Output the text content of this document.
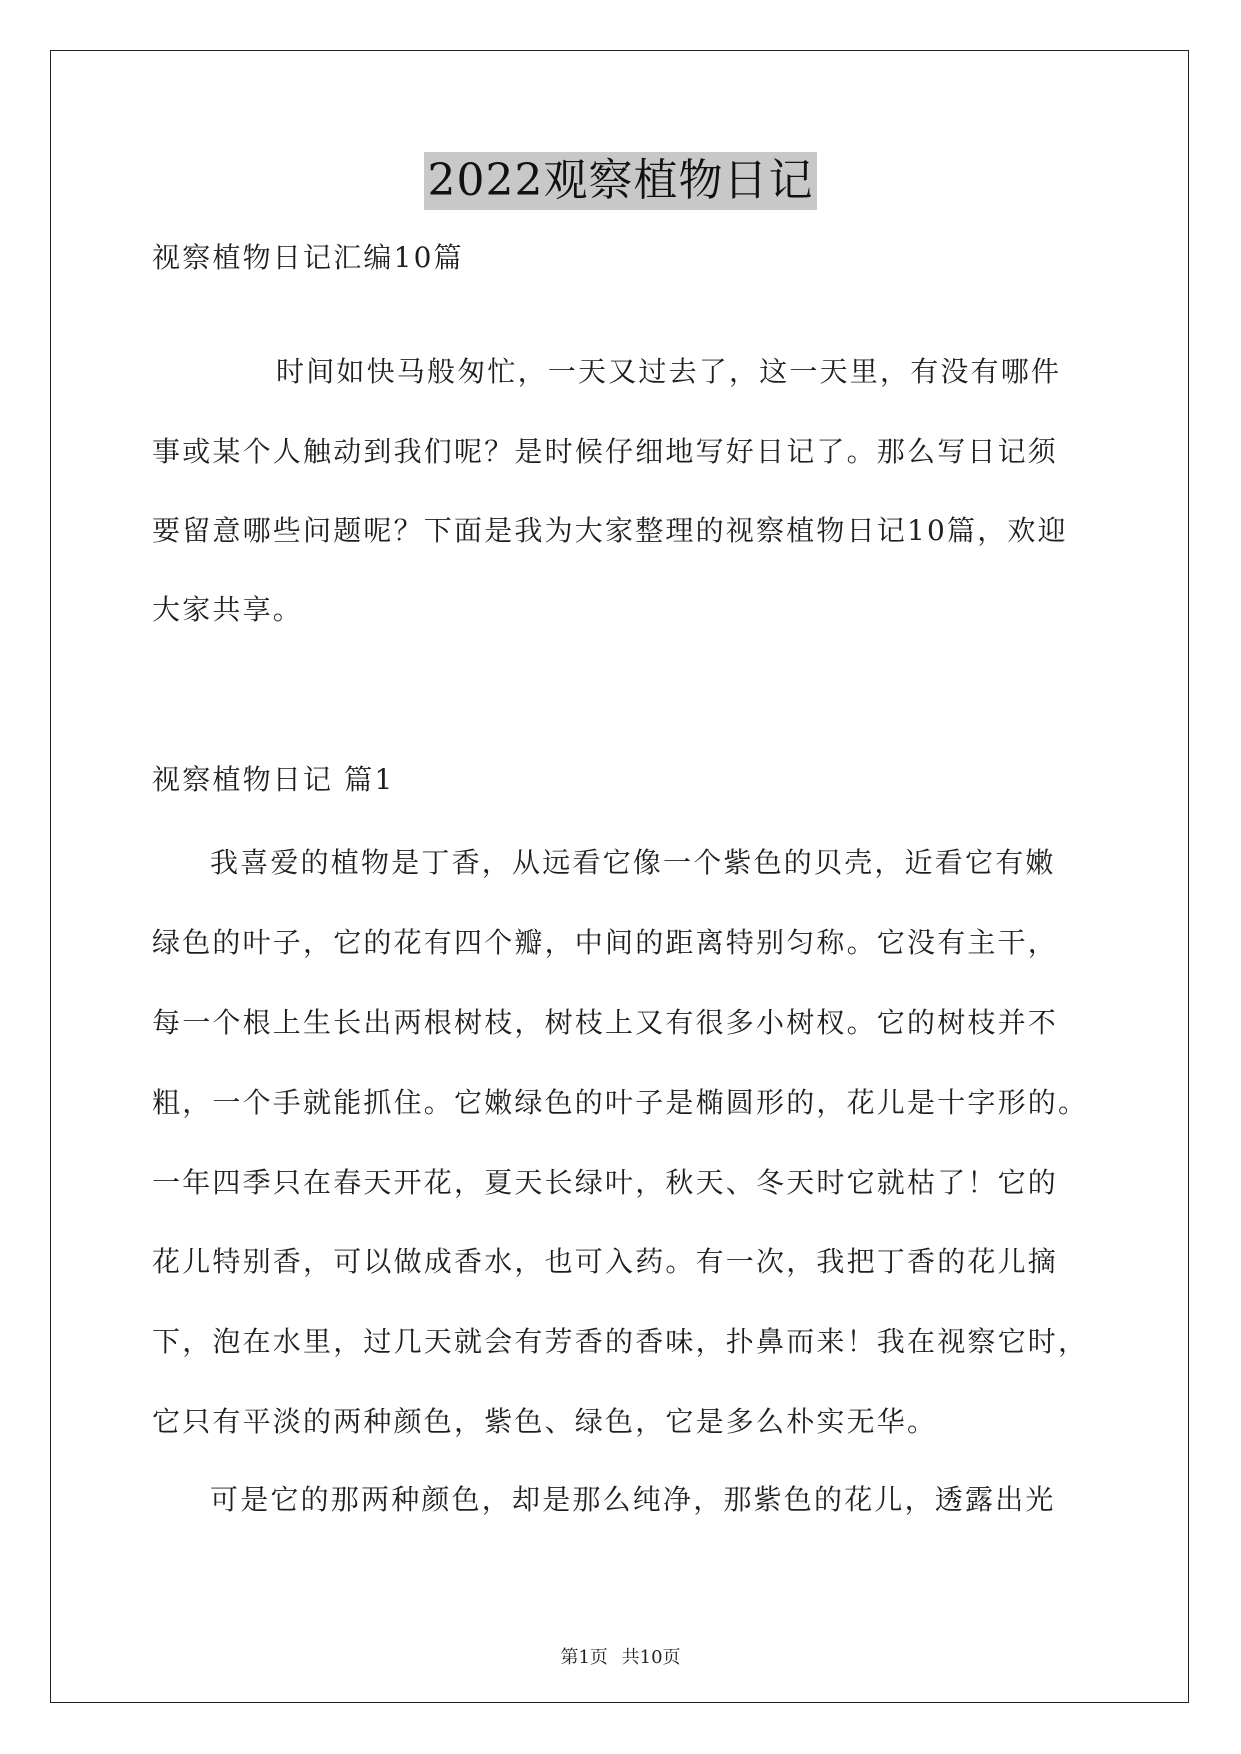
2022观察植物日记
视察植物日记汇编10篇
时间如快马般匆忙，一天又过去了，这一天里，有没有哪件
事或某个人触动到我们呢？是时候仔细地写好日记了。那么写日记须
要留意哪些问题呢？下面是我为大家整理的视察植物日记10篇，欢迎
大家共享。
视察植物日记 篇1
我喜爱的植物是丁香，从远看它像一个紫色的贝壳，近看它有嫩
绿色的叶子，它的花有四个瓣，中间的距离特别匀称。它没有主干，
每一个根上生长出两根树枝，树枝上又有很多小树杈。它的树枝并不
粗，一个手就能抓住。它嫩绿色的叶子是椭圆形的，花儿是十字形的。
一年四季只在春天开花，夏天长绿叶，秋天、冬天时它就枯了！它的
花儿特别香，可以做成香水，也可入药。有一次，我把丁香的花儿摘
下，泡在水里，过几天就会有芳香的香味，扑鼻而来！我在视察它时，
它只有平淡的两种颜色，紫色、绿色，它是多么朴实无华。
可是它的那两种颜色，却是那么纯净，那紫色的花儿，透露出光
第1页 共10页
